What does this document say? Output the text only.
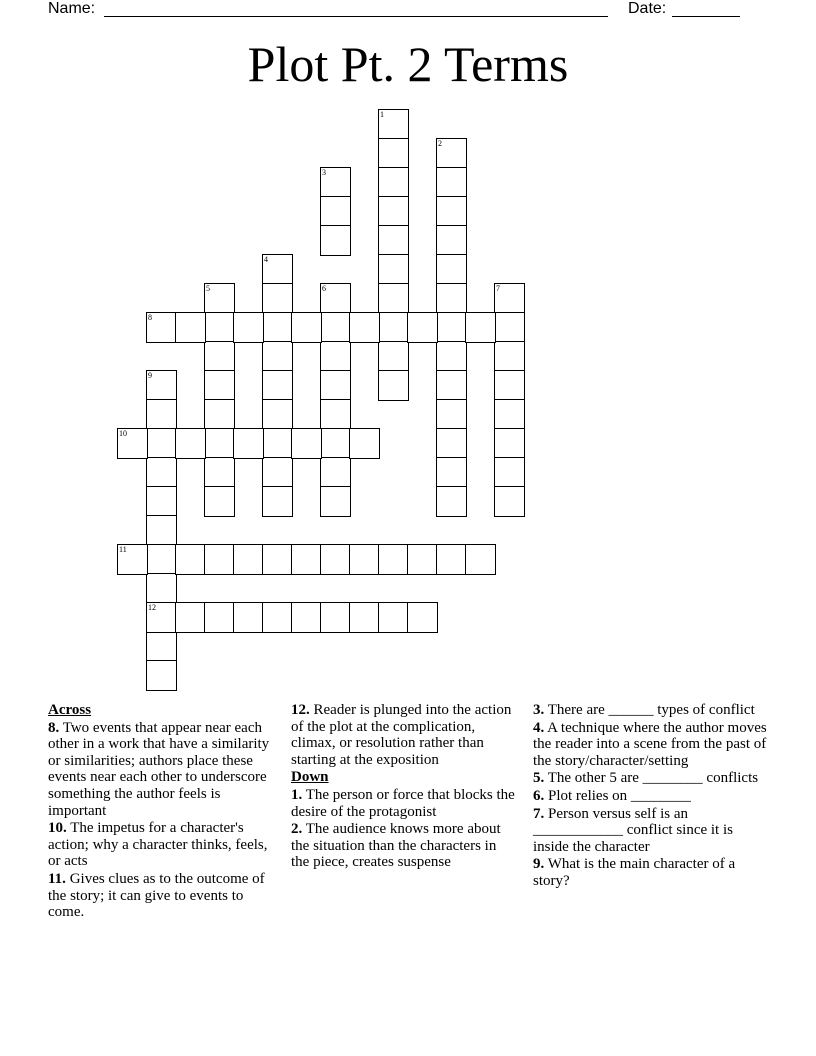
Name:	Date:
Plot Pt. 2 Terms
1
2
3
4
5	6	7
8
9
10
11
12
Across
8. Two events that appear near each other in a work that have a similarity or similarities; authors place these events near each other to underscore something the author feels is important
10. The impetus for a character's action; why a character thinks, feels, or acts
11. Gives clues as to the outcome of the story; it can give to events to come.
12. Reader is plunged into the action of the plot at the complication, climax, or resolution rather than starting at the exposition
Down
1. The person or force that blocks the desire of the protagonist
2. The audience knows more about the situation than the characters in the piece, creates suspense
3. There are ______ types of conflict
4. A technique where the author moves the reader into a scene from the past of the story/character/setting
5. The other 5 are ________ conflicts
6. Plot relies on ________
7. Person versus self is an ____________ conflict since it is inside the character
9. What is the main character of a story?
